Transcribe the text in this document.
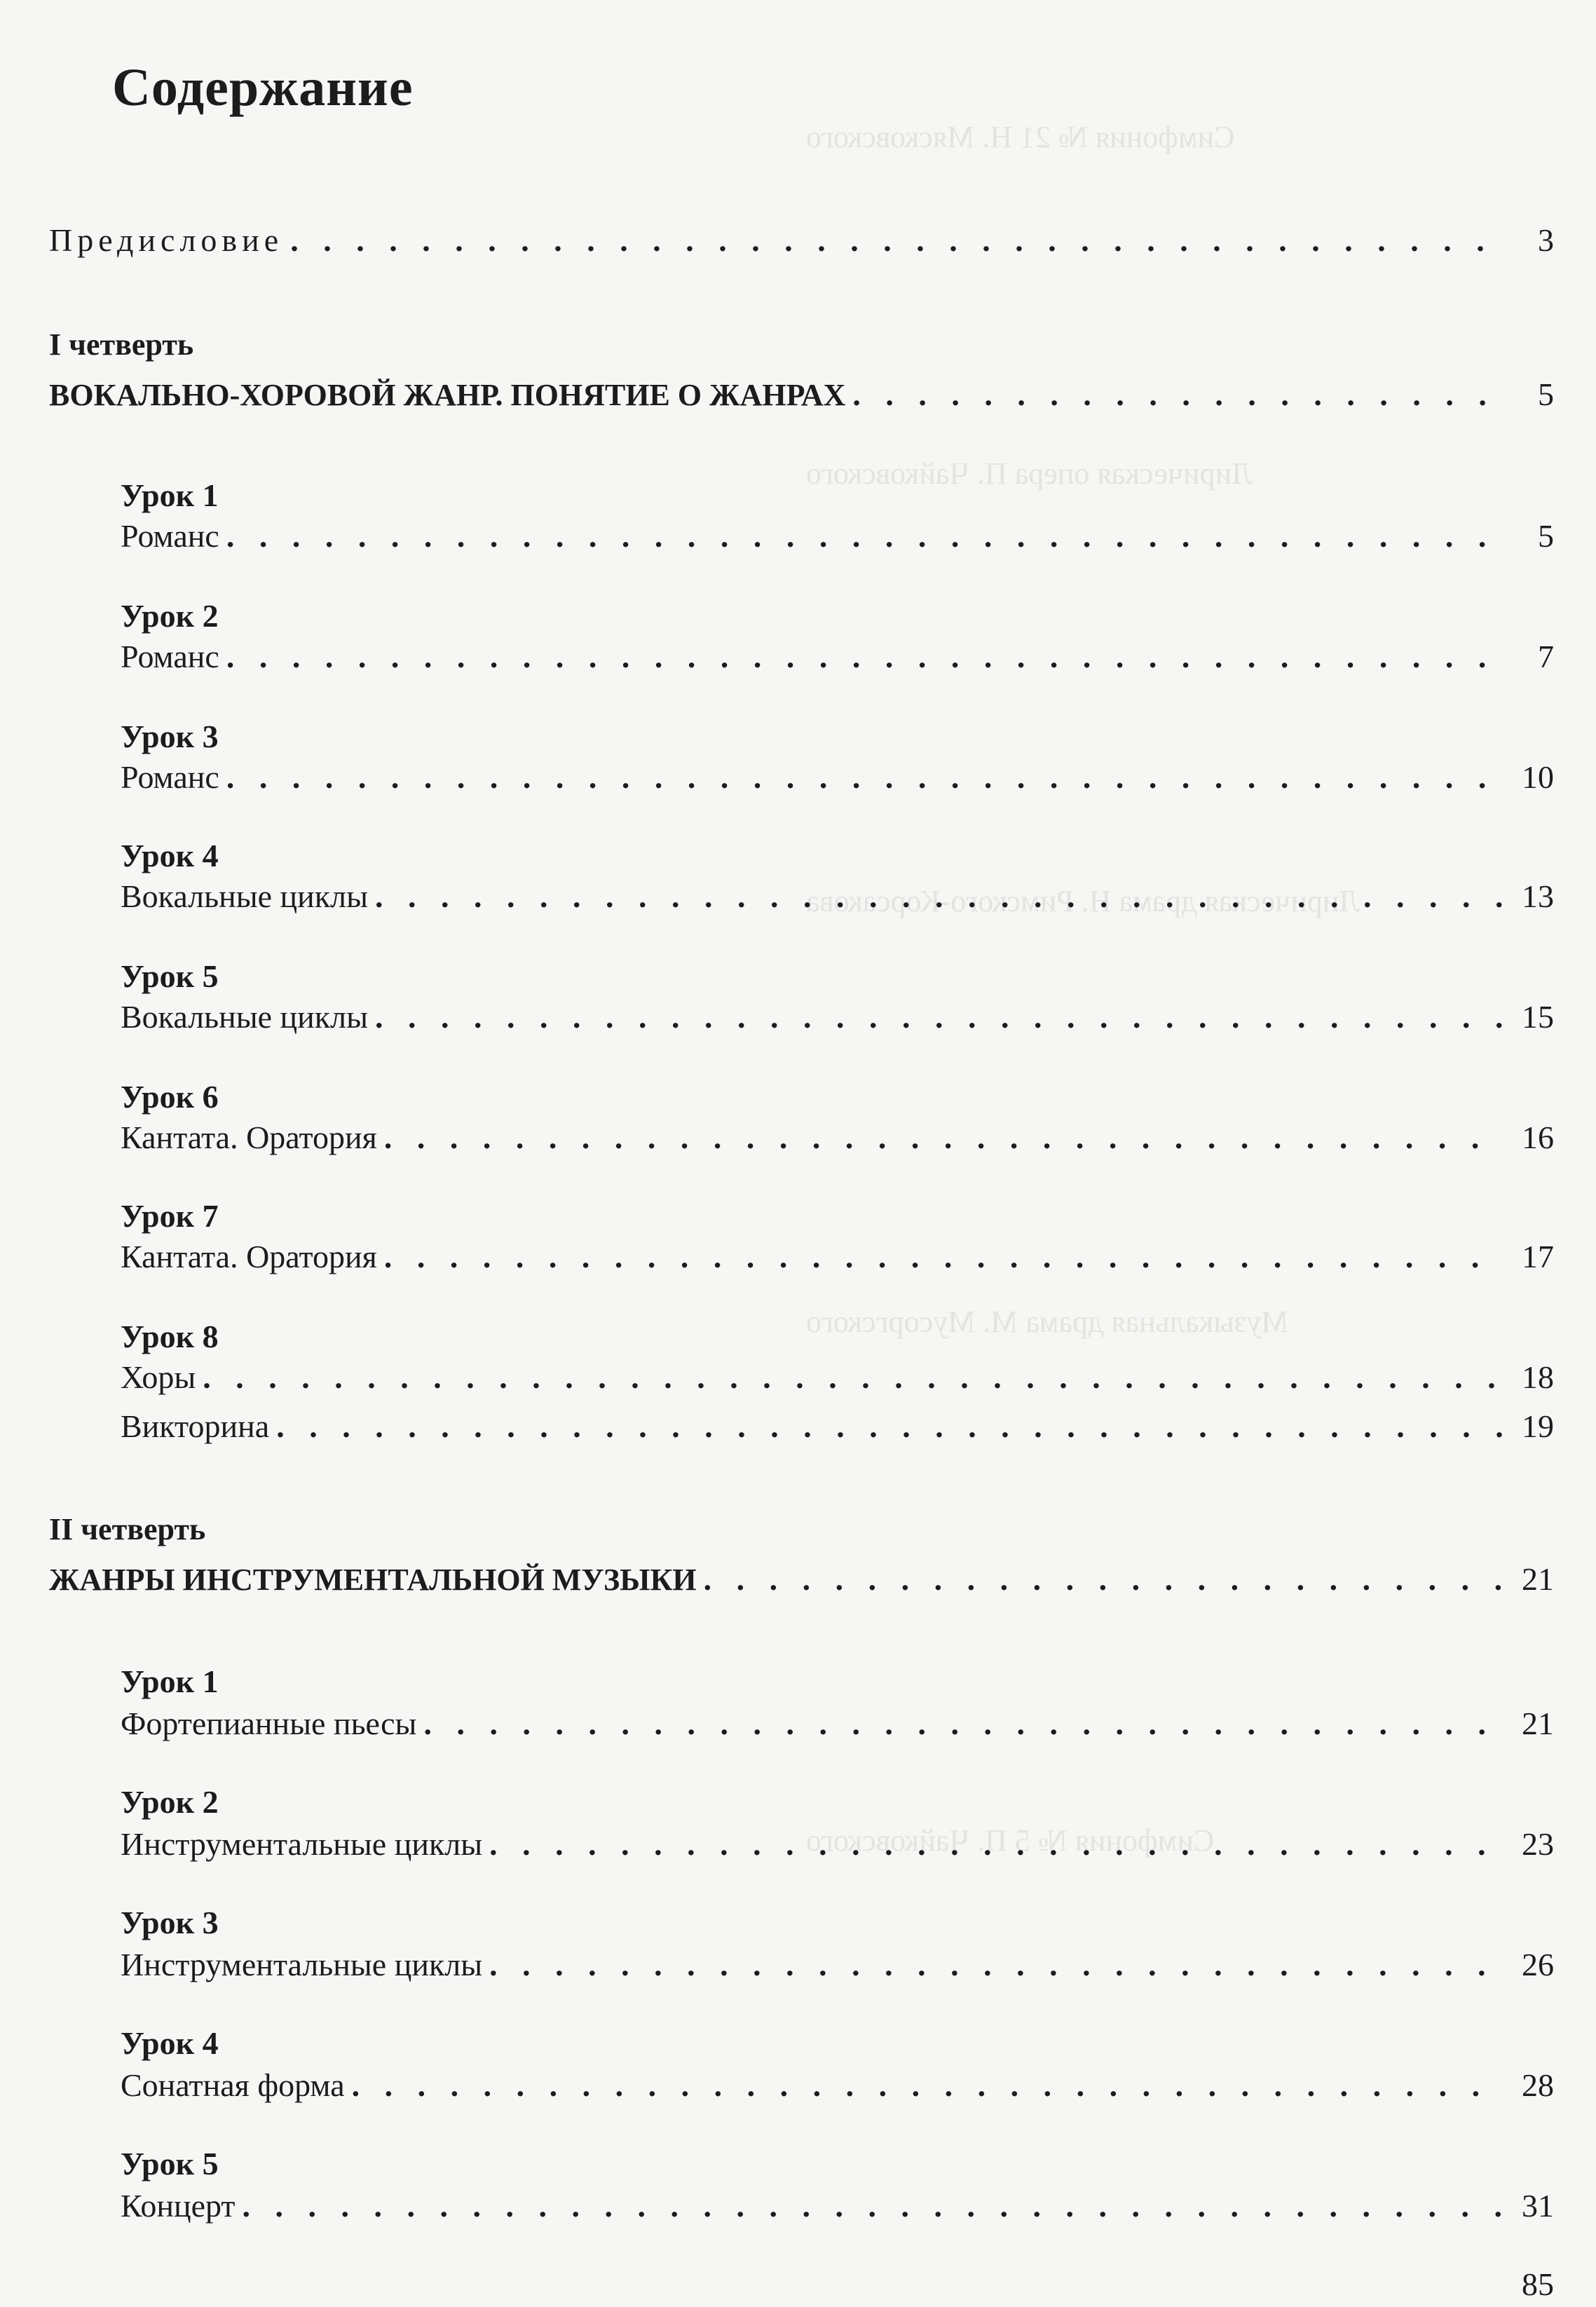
Симфония № 21 Н. Мясковского
Лирическая опера П. Чайковского
Лирическая драма Н. Римского-Корсакова
Музыкальная драма М. Мусоргского
Симфония № 5 П. Чайковского
Содержание
Предисловие . . .	3
I четверть
ВОКАЛЬНО-ХОРОВОЙ ЖАНР. ПОНЯТИЕ О ЖАНРАХ . . .	5
Урок 1
Романс . . .	5
Урок 2
Романс . . .	7
Урок 3
Романс . . .	10
Урок 4
Вокальные циклы . . .	13
Урок 5
Вокальные циклы . . .	15
Урок 6
Кантата. Оратория . . .	16
Урок 7
Кантата. Оратория . . .	17
Урок 8
Хоры . . .	18
Викторина . . .	19
II четверть
ЖАНРЫ ИНСТРУМЕНТАЛЬНОЙ МУЗЫКИ . . .	21
Урок 1
Фортепианные пьесы . . .	21
Урок 2
Инструментальные циклы . . .	23
Урок 3
Инструментальные циклы . . .	26
Урок 4
Сонатная форма . . .	28
Урок 5
Концерт . . .	31
85
